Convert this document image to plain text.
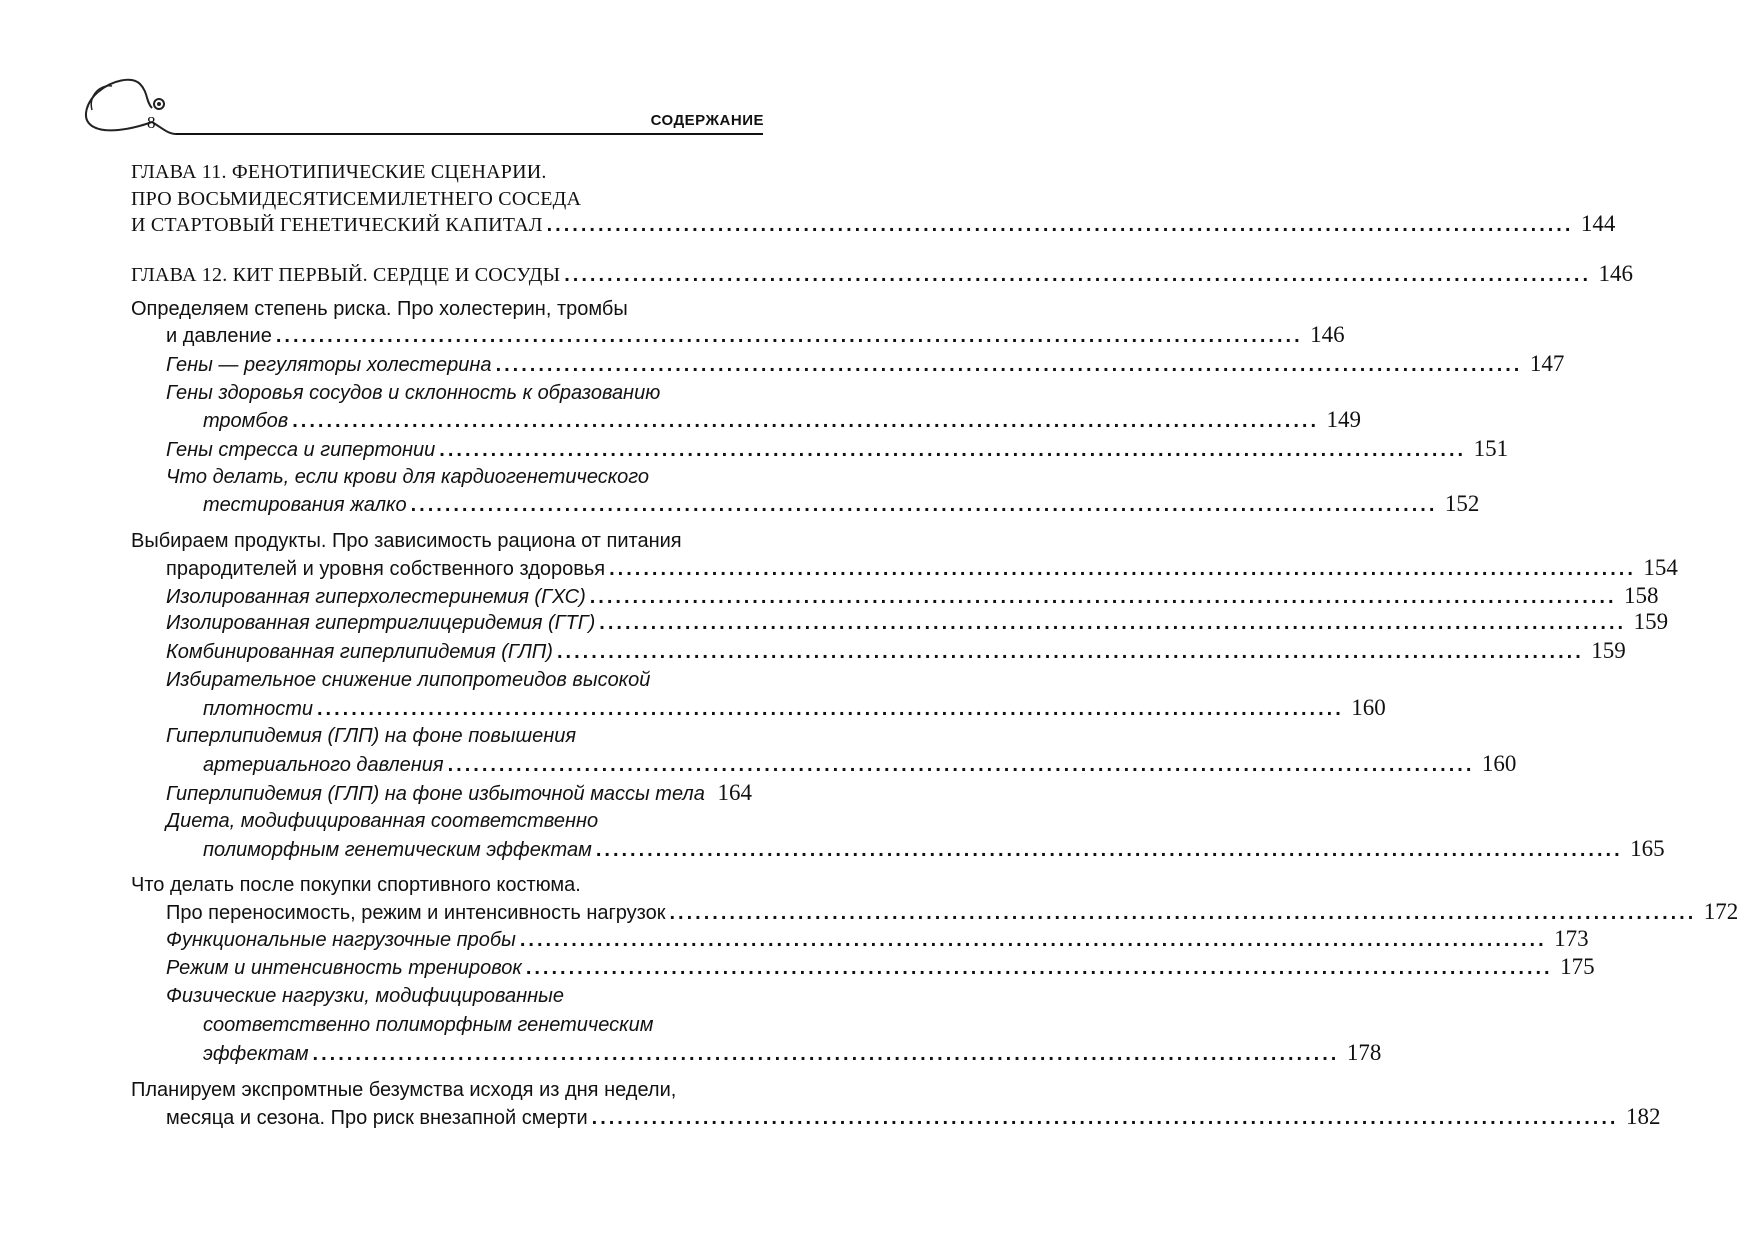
8	СОДЕРЖАНИЕ
ГЛАВА 11. ФЕНОТИПИЧЕСКИЕ СЦЕНАРИИ.
ПРО ВОСЬМИДЕСЯТИСЕМИЛЕТНЕГО СОСЕДА
И СТАРТОВЫЙ ГЕНЕТИЧЕСКИЙ КАПИТАЛ ........................................................................................................................ 144
ГЛАВА 12. КИТ ПЕРВЫЙ. СЕРДЦЕ И СОСУДЫ ........................................................................................................................ 146
Определяем степень риска. Про холестерин, тромбы
и давление ........................................................................................................................ 146
Гены — регуляторы холестерина ........................................................................................................................ 147
Гены здоровья сосудов и склонность к образованию
тромбов ........................................................................................................................ 149
Гены стресса и гипертонии ........................................................................................................................ 151
Что делать, если крови для кардиогенетического
тестирования жалко ........................................................................................................................ 152
Выбираем продукты. Про зависимость рациона от питания
прародителей и уровня собственного здоровья ........................................................................................................................ 154
Изолированная гиперхолестеринемия (ГХС) ........................................................................................................................ 158
Изолированная гипертриглицеридемия (ГТГ) ........................................................................................................................ 159
Комбинированная гиперлипидемия (ГЛП) ........................................................................................................................ 159
Избирательное снижение липопротеидов высокой
плотности ........................................................................................................................ 160
Гиперлипидемия (ГЛП) на фоне повышения
артериального давления ........................................................................................................................ 160
Гиперлипидемия (ГЛП) на фоне избыточной массы тела 164
Диета, модифицированная соответственно
полиморфным генетическим эффектам ........................................................................................................................ 165
Что делать после покупки спортивного костюма.
Про переносимость, режим и интенсивность нагрузок ........................................................................................................................ 172
Функциональные нагрузочные пробы ........................................................................................................................ 173
Режим и интенсивность тренировок ........................................................................................................................ 175
Физические нагрузки, модифицированные
соответственно полиморфным генетическим
эффектам ........................................................................................................................ 178
Планируем экспромтные безумства исходя из дня недели,
месяца и сезона. Про риск внезапной смерти ........................................................................................................................ 182
